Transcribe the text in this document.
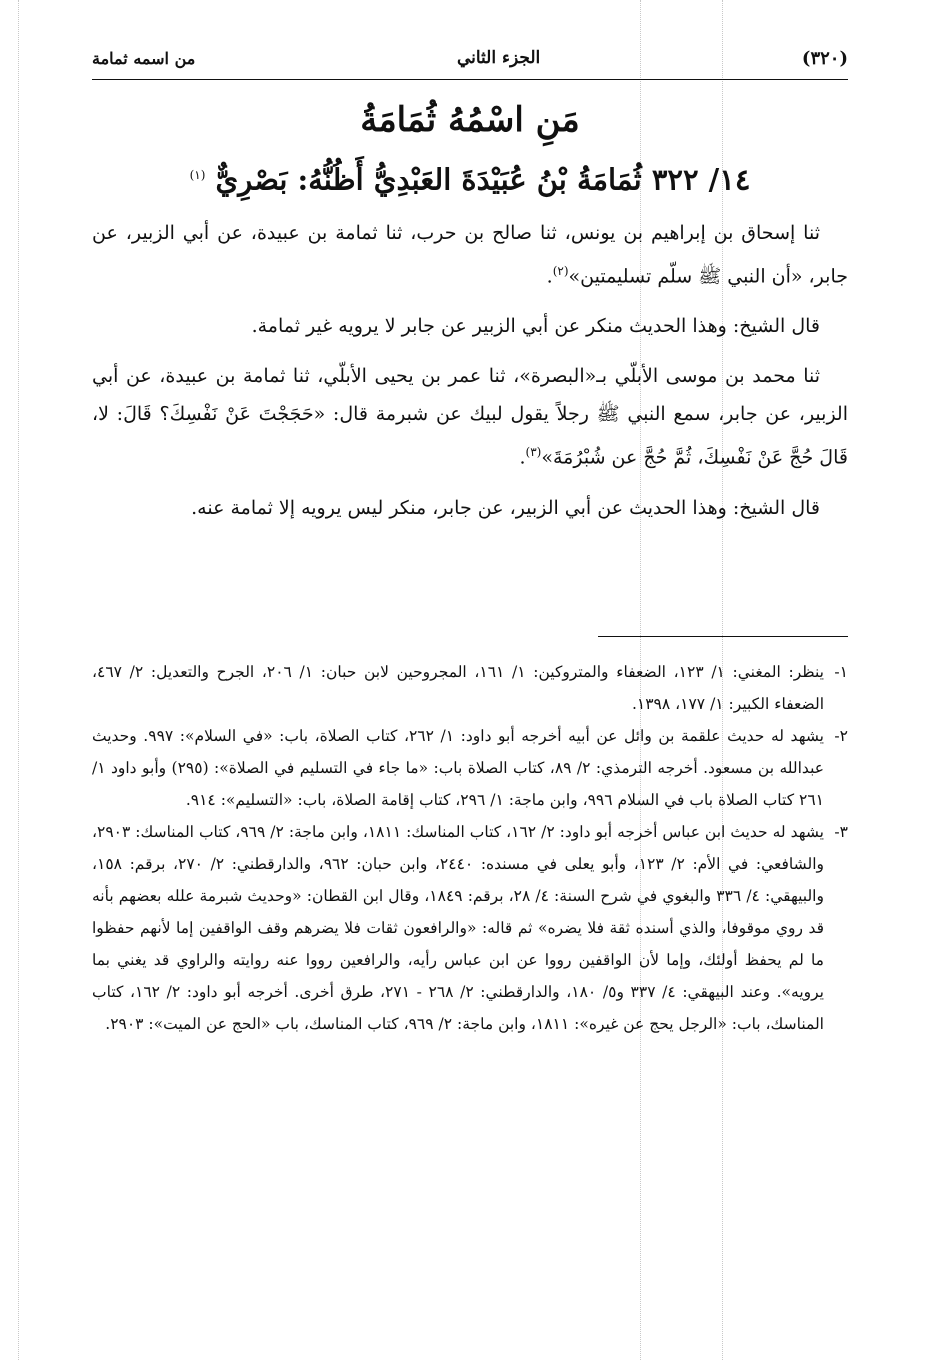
(٣٢٠)
الجزء الثاني
من اسمه ثمامة
مَنِ اسْمُهُ ثُمَامَةُ
١٤/ ٣٢٢ ثُمَامَةُ بْنُ عُبَيْدَةَ العَبْدِيُّ أَظُنُّهُ: بَصْرِيٌّ $^{(١)}$

ثنا إسحاق بن إبراهيم بن يونس، ثنا صالح بن حرب، ثنا ثمامة بن عبيدة، عن أبي الزبير، عن جابر، «أن النبي ﷺ سلّم تسليمتين»$^{(٢)}$.

قال الشيخ: وهذا الحديث منكر عن أبي الزبير عن جابر لا يرويه غير ثمامة.

ثنا محمد بن موسى الأبلّي بـ«البصرة»، ثنا عمر بن يحيى الأبلّي، ثنا ثمامة بن عبيدة، عن أبي الزبير، عن جابر، سمع النبي ﷺ رجلاً يقول لبيك عن شبرمة قال: «حَجَجْتَ عَنْ نَفْسِكَ؟ قَالَ: لا، قَالَ حُجَّ عَنْ نَفْسِكَ، ثُمَّ حُجَّ عن شُبْرُمَةَ»$^{(٣)}$.

قال الشيخ: وهذا الحديث عن أبي الزبير، عن جابر، منكر ليس يرويه إلا ثمامة عنه.

١-
ينظر: المغني: ١/ ١٢٣، الضعفاء والمتروكين: ١/ ١٦١، المجروحين لابن حبان: ١/ ٢٠٦، الجرح والتعديل: ٢/ ٤٦٧، الضعفاء الكبير: ١/ ١٧٧، ١٣٩٨.
٢-
يشهد له حديث علقمة بن وائل عن أبيه أخرجه أبو داود: ١/ ٢٦٢، كتاب الصلاة، باب: «في السلام»: ٩٩٧. وحديث عبدالله بن مسعود. أخرجه الترمذي: ٢/ ٨٩، كتاب الصلاة باب: «ما جاء في التسليم في الصلاة»: (٢٩٥) وأبو داود ١/ ٢٦١ كتاب الصلاة باب في السلام ٩٩٦، وابن ماجة: ١/ ٢٩٦، كتاب إقامة الصلاة، باب: «التسليم»: ٩١٤.
٣-
يشهد له حديث ابن عباس أخرجه أبو داود: ٢/ ١٦٢، كتاب المناسك: ١٨١١، وابن ماجة: ٢/ ٩٦٩، كتاب المناسك: ٢٩٠٣، والشافعي: في الأم: ٢/ ١٢٣، وأبو يعلى في مسنده: ٢٤٤٠، وابن حبان: ٩٦٢، والدارقطني: ٢/ ٢٧٠، برقم: ١٥٨، والبيهقي: ٤/ ٣٣٦ والبغوي في شرح السنة: ٤/ ٢٨، برقم: ١٨٤٩، وقال ابن القطان: «وحديث شبرمة علله بعضهم بأنه قد روي موقوفا، والذي أسنده ثقة فلا يضره» ثم قاله: «والرافعون ثقات فلا يضرهم وقف الواقفين إما لأنهم حفظوا ما لم يحفظ أولئك، وإما لأن الواقفين رووا عن ابن عباس رأيه، والرافعين رووا عنه روايته والراوي قد يغني بما يرويه». وعند البيهقي: ٤/ ٣٣٧ و٥/ ١٨٠، والدارقطني: ٢/ ٢٦٨ - ٢٧١، طرق أخرى. أخرجه أبو داود: ٢/ ١٦٢، كتاب المناسك، باب: «الرجل يحج عن غيره»: ١٨١١، وابن ماجة: ٢/ ٩٦٩، كتاب المناسك، باب «الحج عن الميت»: ٢٩٠٣.
